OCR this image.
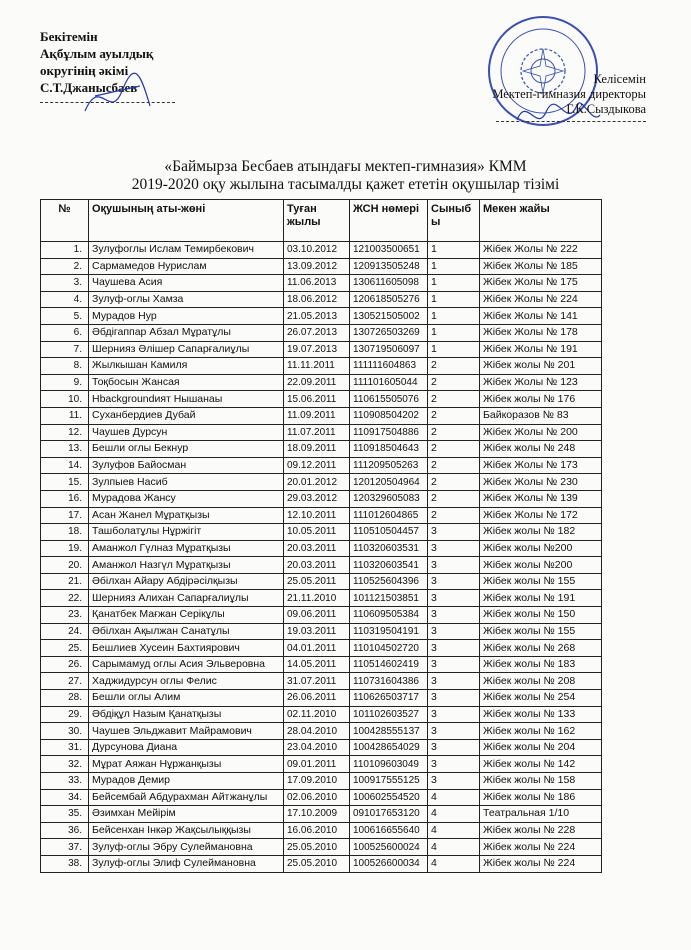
Бекітемін
Ақбұлым ауылдық
округінің әкімі
С.Т.Джаныcбаев
Келісемін
Мектеп-гимназия директоры
Г.К.Сыздыкова
«Баймырза Бесбаев атындағы мектеп-гимназия» КММ
2019-2020 оқу жылына тасымалды қажет ететін оқушылар тізімі
№	Оқушының аты-жөні	Туған жылы	ЖСН нөмері	Сыныбы	Мекен жайы
1.	Зулуфоглы Ислам Темирбекович	03.10.2012	121003500651	1	Жібек Жолы № 222
2.	Сармамедов Нурислам	13.09.2012	120913505248	1	Жібек Жолы № 185
3.	Чаушева Асия	11.06.2013	130611605098	1	Жібек Жолы № 175
4.	Зулуф-оглы Хамза	18.06.2012	120618505276	1	Жібек Жолы № 224
5.	Мурадов Нур	21.05.2013	130521505002	1	Жібек Жолы № 141
6.	Әбдігаппар Абзал Мұратұлы	26.07.2013	130726503269	1	Жібек Жолы № 178
7.	Шернияз Әлішер Сапарғалиұлы	19.07.2013	130719506097	1	Жібек Жолы № 191
8.	Жылкышан Камиля	11.11.2011	111111604863	2	Жібек жолы № 201
9.	Тоқбосын Жансая	22.09.2011	111101605044	2	Жібек Жолы № 123
10.	Нbackgroundият Нышанаы	15.06.2011	110615505076	2	Жібек жолы № 176
11.	Суханбердиев Дубай	11.09.2011	110908504202	2	Байкоразов № 83
12.	Чаушев Дурсун	11.07.2011	110917504886	2	Жібек Жолы № 200
13.	Бешли оглы Бекнур	18.09.2011	110918504643	2	Жібек жолы № 248
14.	Зулуфов Байосман	09.12.2011	111209505263	2	Жібек Жолы № 173
15.	Зулпыев Насиб	20.01.2012	120120504964	2	Жібек Жолы № 230
16.	Мурадова Жансу	29.03.2012	120329605083	2	Жібек Жолы № 139
17.	Асан Жанел Мұратқызы	12.10.2011	111012604865	2	Жібек Жолы № 172
18.	Ташболатұлы Нұржігіт	10.05.2011	110510504457	3	Жібек жолы № 182
19.	Аманжол Гүлназ Мұратқызы	20.03.2011	110320603531	3	Жібек жолы №200
20.	Аманжол Назгүл Мұратқызы	20.03.2011	110320603541	3	Жібек жолы №200
21.	Әбілхан Айару Абдірәсілқызы	25.05.2011	110525604396	3	Жібек жолы № 155
22.	Шернияз Алихан Сапарғалиұлы	21.11.2010	101121503851	3	Жібек жолы № 191
23.	Қанатбек Мағжан Серікұлы	09.06.2011	110609505384	3	Жібек жолы № 150
24.	Әбілхан Ақылжан Санатұлы	19.03.2011	110319504191	3	Жібек жолы № 155
25.	Бешлиев Хусеин Бахтиярович	04.01.2011	110104502720	3	Жібек жолы № 268
26.	Сарымамуд оглы Асия Эльверовна	14.05.2011	110514602419	3	Жібек жолы № 183
27.	Хаджидурсун оглы Фелис	31.07.2011	110731604386	3	Жібек жолы № 208
28.	Бешли оглы Алим	26.06.2011	110626503717	3	Жібек жолы № 254
29.	Әбдіқұл Назым Қанатқызы	02.11.2010	101102603527	3	Жібек жолы № 133
30.	Чаушев Эльджавит Майрамович	28.04.2010	100428555137	3	Жібек жолы № 162
31.	Дурсунова Диана	23.04.2010	100428654029	3	Жібек жолы № 204
32.	Мұрат Аяжан Нұржанқызы	09.01.2011	110109603049	3	Жібек жолы № 142
33.	Мурадов Демир	17.09.2010	100917555125	3	Жібек жолы № 158
34.	Бейсембай Абдурахман Айтжанұлы	02.06.2010	100602554520	4	Жібек жолы № 186
35.	Әзимхан Мейірім	17.10.2009	091017653120	4	Театральная 1/10
36.	Бейсенхан Інкәр Жақсылыққызы	16.06.2010	100616655640	4	Жібек жолы № 228
37.	Зулуф-оглы Эбру Сулеймановна	25.05.2010	100525600024	4	Жібек жолы № 224
38.	Зулуф-оглы Элиф Сулеймановна	25.05.2010	100526600034	4	Жібек жолы № 224
